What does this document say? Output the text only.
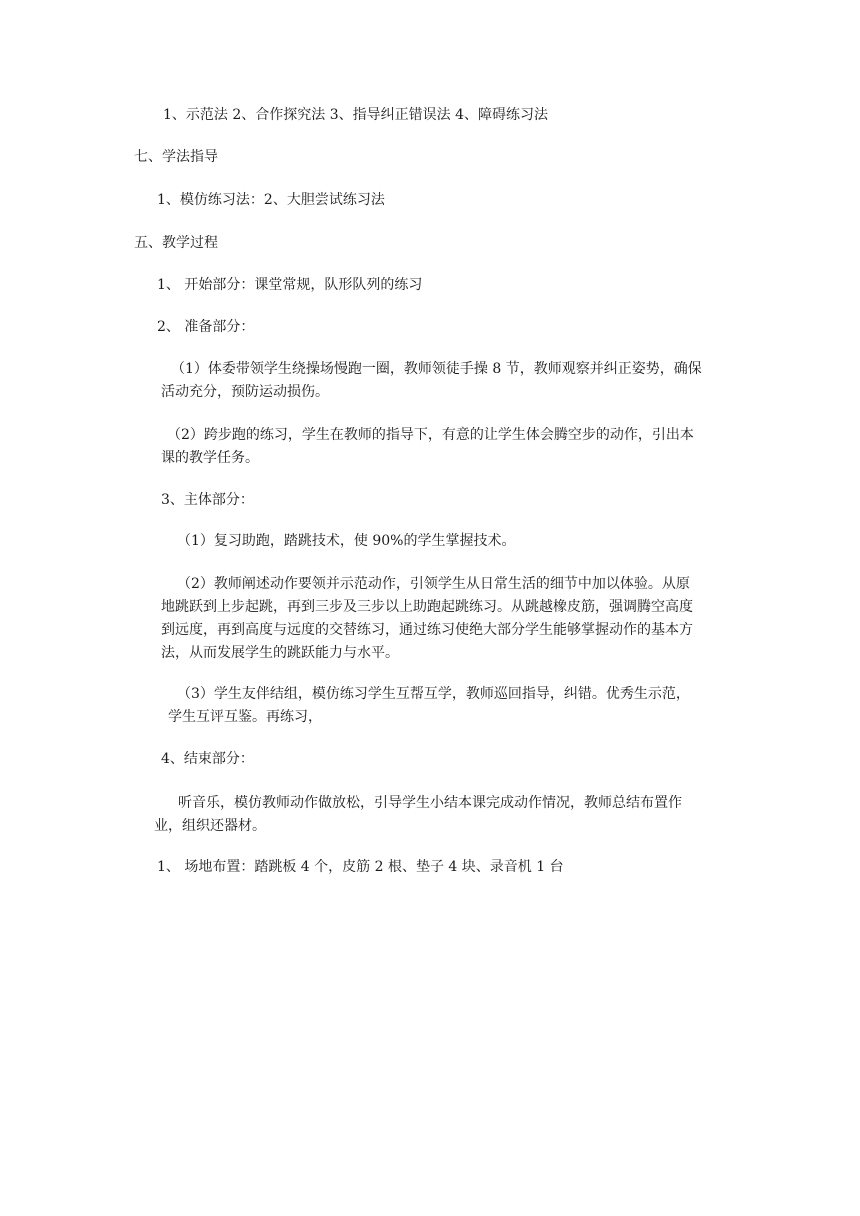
1、示范法 2、合作探究法 3、指导纠正错误法 4、障碍练习法
七、学法指导
1、模仿练习法：2、大胆尝试练习法
五、教学过程
1、 开始部分：课堂常规，队形队列的练习
2、 准备部分：

（1）体委带领学生绕操场慢跑一圈，教师领徒手操 8 节，教师观察并纠正姿势，确保

活动充分，预防运动损伤。

（2）跨步跑的练习，学生在教师的指导下，有意的让学生体会腾空步的动作，引出本

课的教学任务。

3、主体部分：
（1）复习助跑，踏跳技术，使 90%的学生掌握技术。

（2）教师阐述动作要领并示范动作，引领学生从日常生活的细节中加以体验。从原

地跳跃到上步起跳，再到三步及三步以上助跑起跳练习。从跳越橡皮筋，强调腾空高度

到远度，再到高度与远度的交替练习，通过练习使绝大部分学生能够掌握动作的基本方

法，从而发展学生的跳跃能力与水平。

（3）学生友伴结组，模仿练习学生互帮互学，教师巡回指导，纠错。优秀生示范，

学生互评互鉴。再练习，

4、结束部分：

听音乐，模仿教师动作做放松，引导学生小结本课完成动作情况，教师总结布置作

业，组织还器材。

1、 场地布置：踏跳板 4 个，皮筋 2 根、垫子 4 块、录音机 1 台
